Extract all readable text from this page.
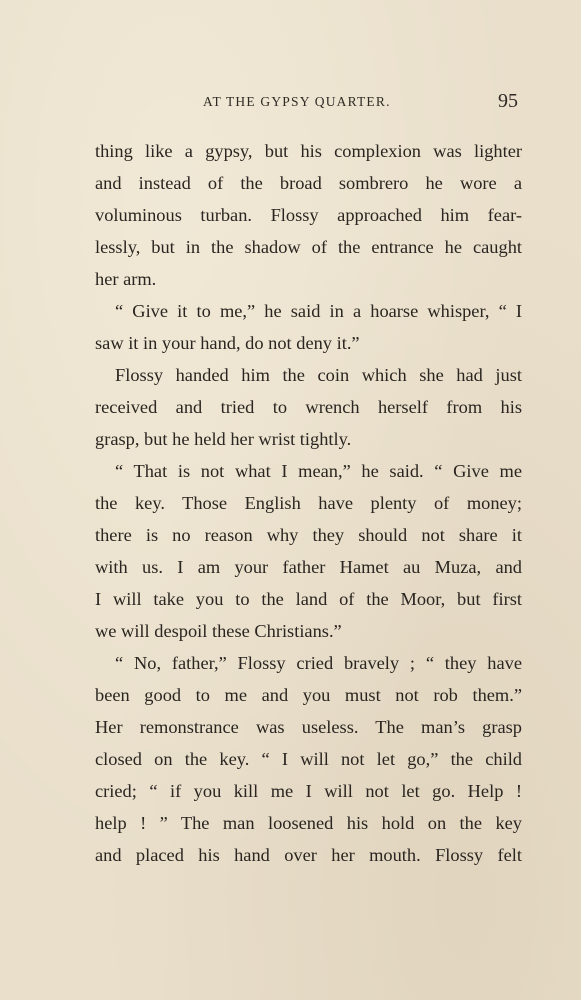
AT THE GYPSY QUARTER.	95
thing like a gypsy, but his complexion was lighter
and instead of the broad sombrero he wore a
voluminous turban. Flossy approached him fear-
lessly, but in the shadow of the entrance he caught
her arm.
“ Give it to me,” he said in a hoarse whisper, “ I
saw it in your hand, do not deny it.”
Flossy handed him the coin which she had just
received and tried to wrench herself from his
grasp, but he held her wrist tightly.
“ That is not what I mean,” he said. “ Give me
the key. Those English have plenty of money;
there is no reason why they should not share it
with us. I am your father Hamet au Muza, and
I will take you to the land of the Moor, but first
we will despoil these Christians.”
“ No, father,” Flossy cried bravely ; “ they have
been good to me and you must not rob them.”
Her remonstrance was useless. The man’s grasp
closed on the key. “ I will not let go,” the child
cried; “ if you kill me I will not let go. Help !
help ! ” The man loosened his hold on the key
and placed his hand over her mouth. Flossy felt
